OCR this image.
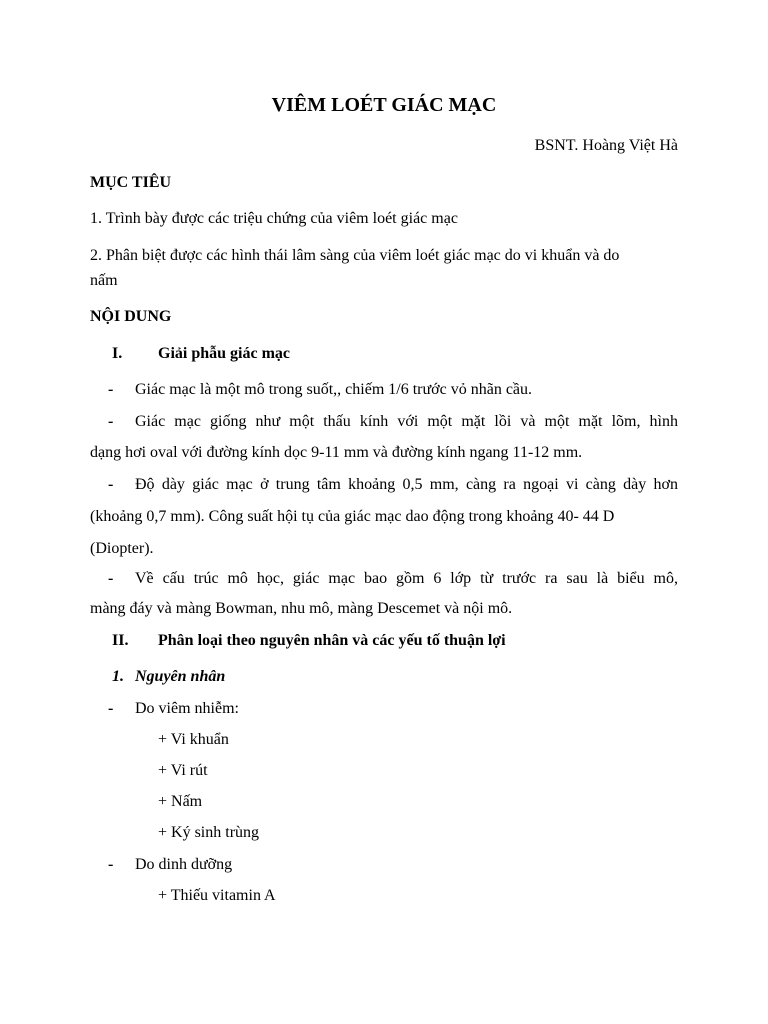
VIÊM LOÉT GIÁC MẠC
BSNT. Hoàng Việt Hà
MỤC TIÊU
1. Trình bày được các triệu chứng của viêm loét giác mạc
2. Phân biệt được các hình thái lâm sàng của viêm loét giác mạc do vi khuẩn và do
nấm
NỘI DUNG
I. Giải phẫu giác mạc
- Giác mạc là một mô trong suốt,, chiếm 1/6 trước vỏ nhãn cầu.
- Giác mạc giống như một thấu kính với một mặt lồi và một mặt lõm, hình
dạng hơi oval với đường kính dọc 9-11 mm và đường kính ngang 11-12 mm.
- Độ dày giác mạc ở trung tâm khoảng 0,5 mm, càng ra ngoại vi càng dày hơn
(khoảng 0,7 mm). Công suất hội tụ của giác mạc dao động trong khoảng 40- 44 D
(Diopter).
- Về cấu trúc mô học, giác mạc bao gồm 6 lớp từ trước ra sau là biểu mô,
màng đáy và màng Bowman, nhu mô, màng Descemet và nội mô.
II. Phân loại theo nguyên nhân và các yếu tố thuận lợi
1. Nguyên nhân
- Do viêm nhiễm:
+ Vi khuẩn
+ Vi rút
+ Nấm
+ Ký sinh trùng
- Do dinh dưỡng
+ Thiếu vitamin A
